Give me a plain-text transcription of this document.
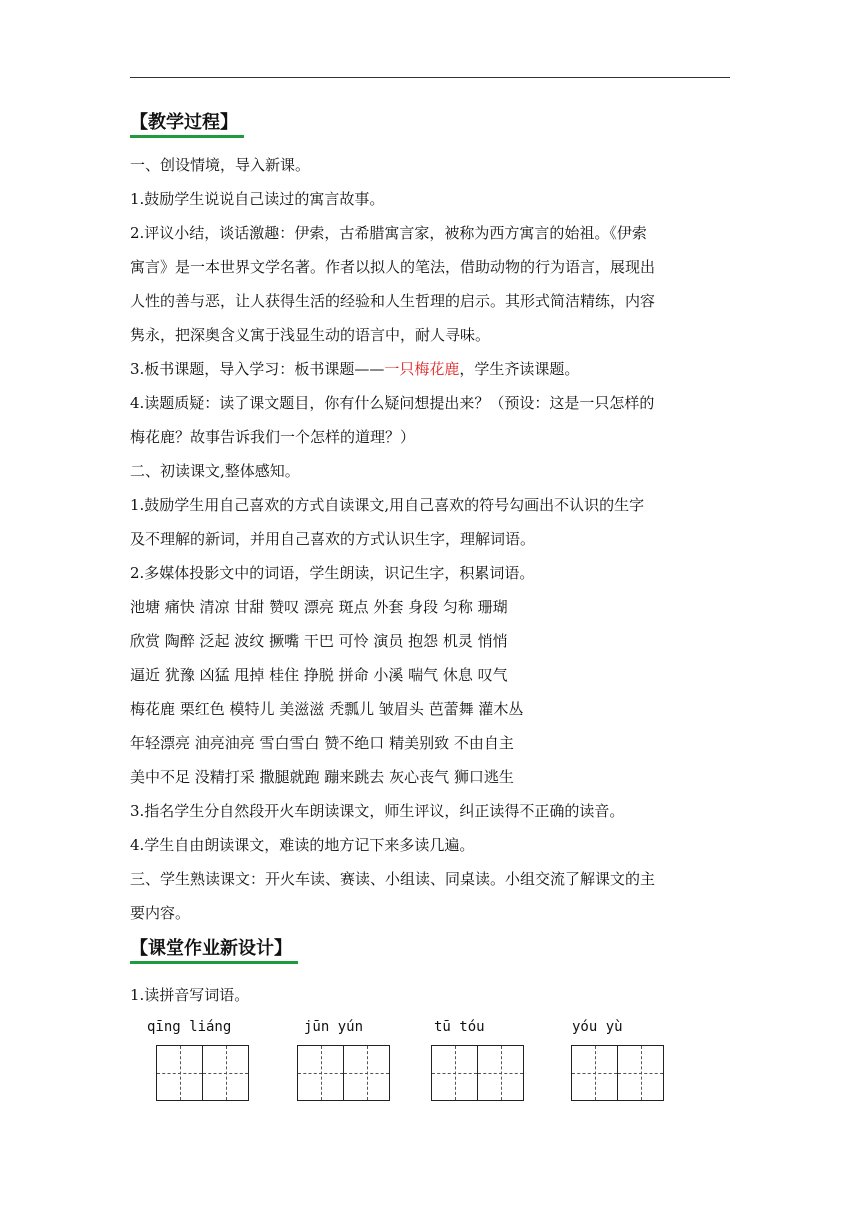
【教学过程】
一、创设情境，导入新课。
1.鼓励学生说说自己读过的寓言故事。
2.评议小结，谈话激趣：伊索，古希腊寓言家，被称为西方寓言的始祖。《伊索
寓言》是一本世界文学名著。作者以拟人的笔法，借助动物的行为语言，展现出
人性的善与恶，让人获得生活的经验和人生哲理的启示。其形式简洁精练，内容
隽永，把深奥含义寓于浅显生动的语言中，耐人寻味。
3.板书课题，导入学习：板书课题——一只梅花鹿，学生齐读课题。
4.读题质疑：读了课文题目，你有什么疑问想提出来？（预设：这是一只怎样的
梅花鹿？故事告诉我们一个怎样的道理？）
二、初读课文,整体感知。
1.鼓励学生用自己喜欢的方式自读课文,用自己喜欢的符号勾画出不认识的生字
及不理解的新词，并用自己喜欢的方式认识生字，理解词语。
2.多媒体投影文中的词语，学生朗读，识记生字，积累词语。
池塘 痛快 清凉 甘甜 赞叹 漂亮 斑点 外套 身段 匀称 珊瑚
欣赏 陶醉 泛起 波纹 撅嘴 干巴 可怜 演员 抱怨 机灵 悄悄
逼近 犹豫 凶猛 甩掉 桂住 挣脱 拼命 小溪 喘气 休息 叹气
梅花鹿 栗红色 模特儿 美滋滋 秃瓢儿 皱眉头 芭蕾舞 灌木丛
年轻漂亮 油亮油亮 雪白雪白 赞不绝口 精美别致 不由自主
美中不足 没精打采 撒腿就跑 蹦来跳去 灰心丧气 狮口逃生
3.指名学生分自然段开火车朗读课文，师生评议，纠正读得不正确的读音。
4.学生自由朗读课文，难读的地方记下来多读几遍。
三、学生熟读课文：开火车读、赛读、小组读、同桌读。小组交流了解课文的主
要内容。
【课堂作业新设计】
1.读拼音写词语。
qīng liáng	jūn yún	tū tóu	yóu yù
